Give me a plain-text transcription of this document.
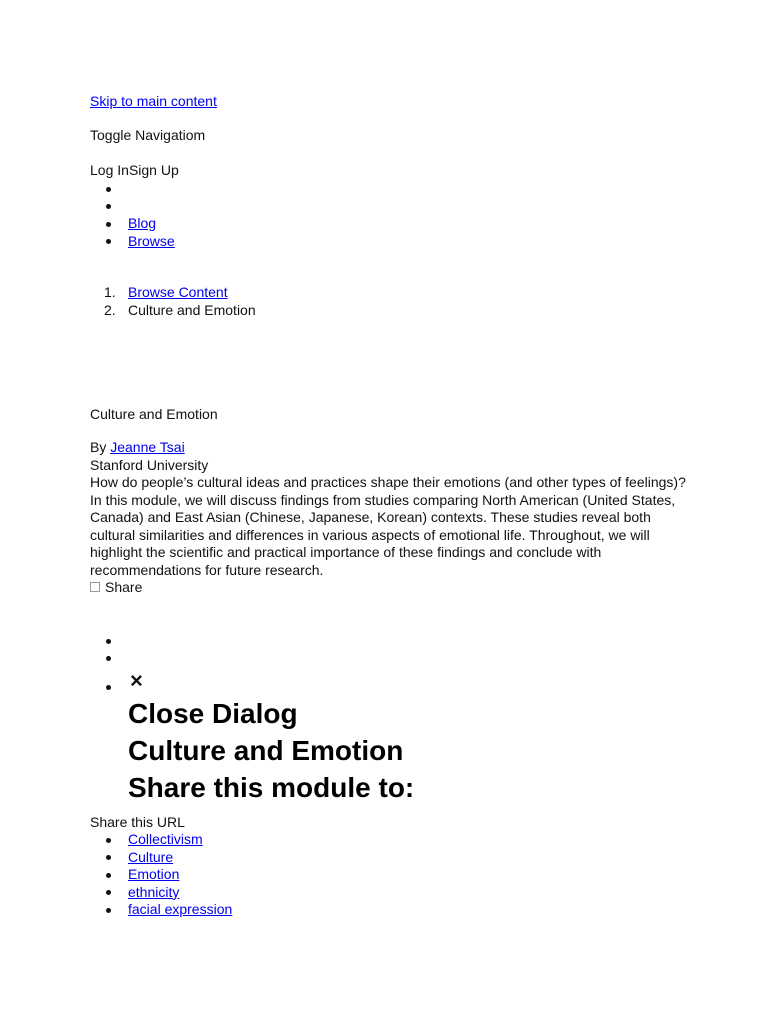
Skip to main content
Toggle Navigatiom
Log InSign Up
Blog
Browse
1. Browse Content
2. Culture and Emotion
Culture and Emotion
By Jeanne Tsai
Stanford University
How do people’s cultural ideas and practices shape their emotions (and other types of feelings)? In this module, we will discuss findings from studies comparing North American (United States, Canada) and East Asian (Chinese, Japanese, Korean) contexts. These studies reveal both cultural similarities and differences in various aspects of emotional life. Throughout, we will highlight the scientific and practical importance of these findings and conclude with recommendations for future research.
Share
×
Close Dialog
Culture and Emotion
Share this module to:
Share this URL
Collectivism
Culture
Emotion
ethnicity
facial expression
